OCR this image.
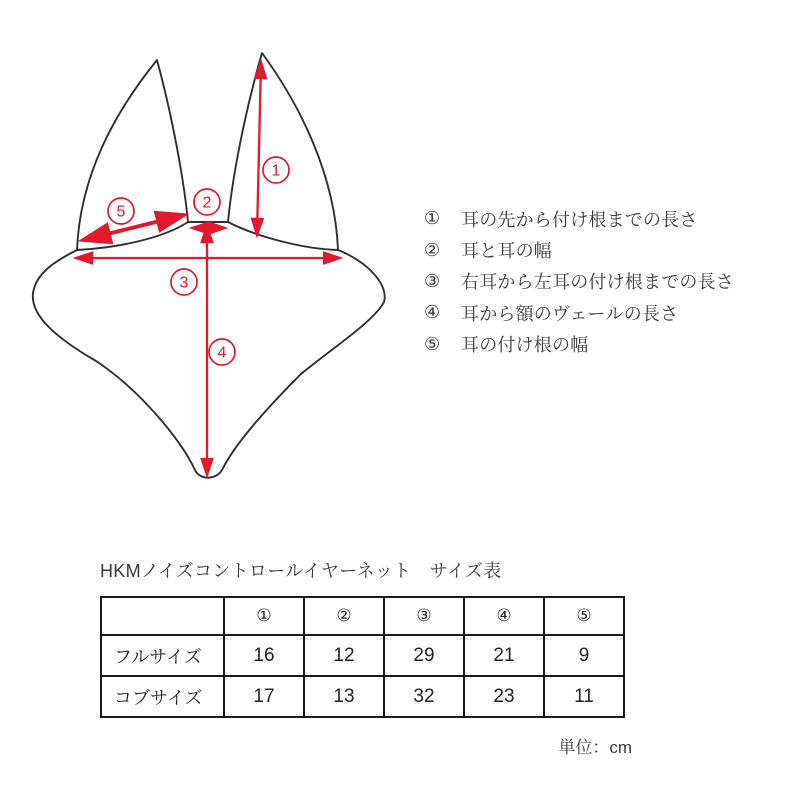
1
2
3
4
5	①	耳の先から付け根までの長さ
②	耳と耳の幅
③	右耳から左耳の付け根までの長さ
④	耳から額のヴェールの長さ
⑤	耳の付け根の幅

HKMノイズコントロールイヤーネット　サイズ表

	①	②	③	④	⑤
フルサイズ	16	12	29	21	9
コブサイズ	17	13	32	23	11
単位：cm
